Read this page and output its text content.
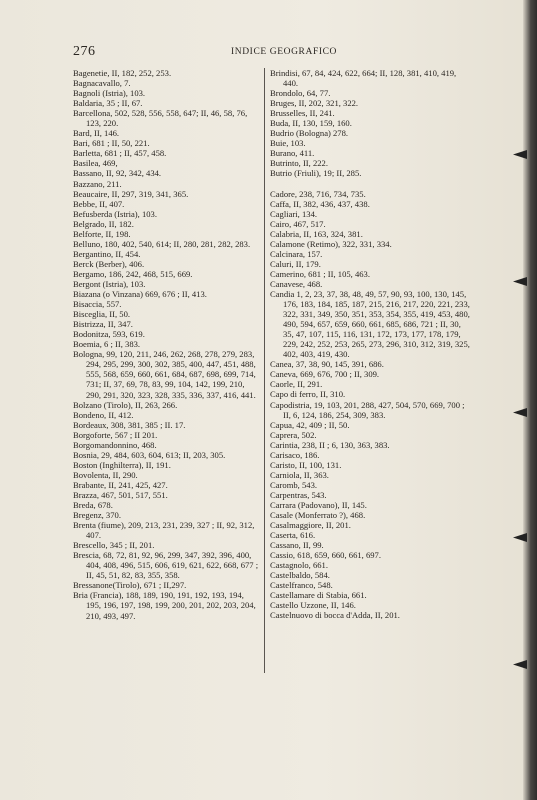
276	INDICE GEOGRAFICO
Bagenetie, II, 182, 252, 253.
Bagnacavallo, 7.
Bagnoli (Istria), 103.
Baldaria, 35 ; II, 67.
Barcellona, 502, 528, 556, 558, 647; II, 46, 58, 76, 123, 220.
Bard, II, 146.
Bari, 681 ; II, 50, 221.
Barletta, 681 ; II, 457, 458.
Basilea, 469,
Bassano, II, 92, 342, 434.
Bazzano, 211.
Beaucaire, II, 297, 319, 341, 365.
Bebbe, II, 407.
Befusberda (Istria), 103.
Belgrado, II, 182.
Belforte, II, 198.
Belluno, 180, 402, 540, 614; II, 280, 281, 282, 283.
Bergantino, II, 454.
Berck (Berber), 406.
Bergamo, 186, 242, 468, 515, 669.
Bergont (Istria), 103.
Biazana (o Vinzana) 669, 676 ; II, 413.
Bisaccia, 557.
Bisceglia, II, 50.
Bistrizza, II, 347.
Bodonitza, 593, 619.
Boemia, 6 ; II, 383.
Bologna, 99, 120, 211, 246, 262, 268, 278, 279, 283, 294, 295, 299, 300, 302, 385, 400, 447, 451, 488, 555, 568, 659, 660, 661, 684, 687, 698, 699, 714, 731; II, 37, 69, 78, 83, 99, 104, 142, 199, 210, 290, 291, 320, 323, 328, 335, 336, 337, 416, 441.
Bolzano (Tirolo), II, 263, 266.
Bondeno, II, 412.
Bordeaux, 308, 381, 385 ; II. 17.
Borgoforte, 567 ; II 201.
Borgomandonnino, 468.
Bosnia, 29, 484, 603, 604, 613; II, 203, 305.
Boston (Inghilterra), II, 191.
Bovolenta, II, 290.
Brabante, II, 241, 425, 427.
Brazza, 467, 501, 517, 551.
Breda, 678.
Bregenz, 370.
Brenta (fiume), 209, 213, 231, 239, 327 ; II, 92, 312, 407.
Brescello, 345 ; II, 201.
Brescia, 68, 72, 81, 92, 96, 299, 347, 392, 396, 400, 404, 408, 496, 515, 606, 619, 621, 622, 668, 677 ; II, 45, 51, 82, 83, 355, 358.
Bressanone(Tirolo), 671 ; II,297.
Bria (Francia), 188, 189, 190, 191, 192, 193, 194, 195, 196, 197, 198, 199, 200, 201, 202, 203, 204, 210, 493, 497.
Brindisi, 67, 84, 424, 622, 664; II, 128, 381, 410, 419, 440.
Brondolo, 64, 77.
Bruges, II, 202, 321, 322.
Brusselles, II, 241.
Buda, II, 130, 159, 160.
Budrio (Bologna) 278.
Buie, 103.
Burano, 411.
Butrinto, II, 222.
Butrio (Friuli), 19; II, 285.
Cadore, 238, 716, 734, 735.
Caffa, II, 382, 436, 437, 438.
Cagliari, 134.
Cairo, 467, 517.
Calabria, II, 163, 324, 381.
Calamone (Retimo), 322, 331, 334.
Calcinara, 157.
Caluri, II, 179.
Camerino, 681 ; II, 105, 463.
Canavese, 468.
Candia 1, 2, 23, 37, 38, 48, 49, 57, 90, 93, 100, 130, 145, 176, 183, 184, 185, 187, 215, 216, 217, 220, 221, 233, 322, 331, 349, 350, 351, 353, 354, 355, 419, 453, 480, 490, 594, 657, 659, 660, 661, 685, 686, 721 ; II, 30, 35, 47, 107, 115, 116, 131, 172, 173, 177, 178, 179, 229, 242, 252, 253, 265, 273, 296, 310, 312, 319, 325, 402, 403, 419, 430.
Canea, 37, 38, 90, 145, 391, 686.
Caneva, 669, 676, 700 ; II, 309.
Caorle, II, 291.
Capo di ferro, II, 310.
Capodistria, 19, 103, 201, 288, 427, 504, 570, 669, 700 ; II, 6, 124, 186, 254, 309, 383.
Capua, 42, 409 ; II, 50.
Caprera, 502.
Carintia, 238, II ; 6, 130, 363, 383.
Carisaco, 186.
Caristo, II, 100, 131.
Carniola, II, 363.
Caromb, 543.
Carpentras, 543.
Carrara (Padovano), II, 145.
Casale (Monferrato ?), 468.
Casalmaggiore, II, 201.
Caserta, 616.
Cassano, II, 99.
Cassio, 618, 659, 660, 661, 697.
Castagnolo, 661.
Castelbaldo, 584.
Castelfranco, 548.
Castellamare di Stabia, 661.
Castello Uzzone, II, 146.
Castelnuovo di bocca d'Adda, II, 201.
